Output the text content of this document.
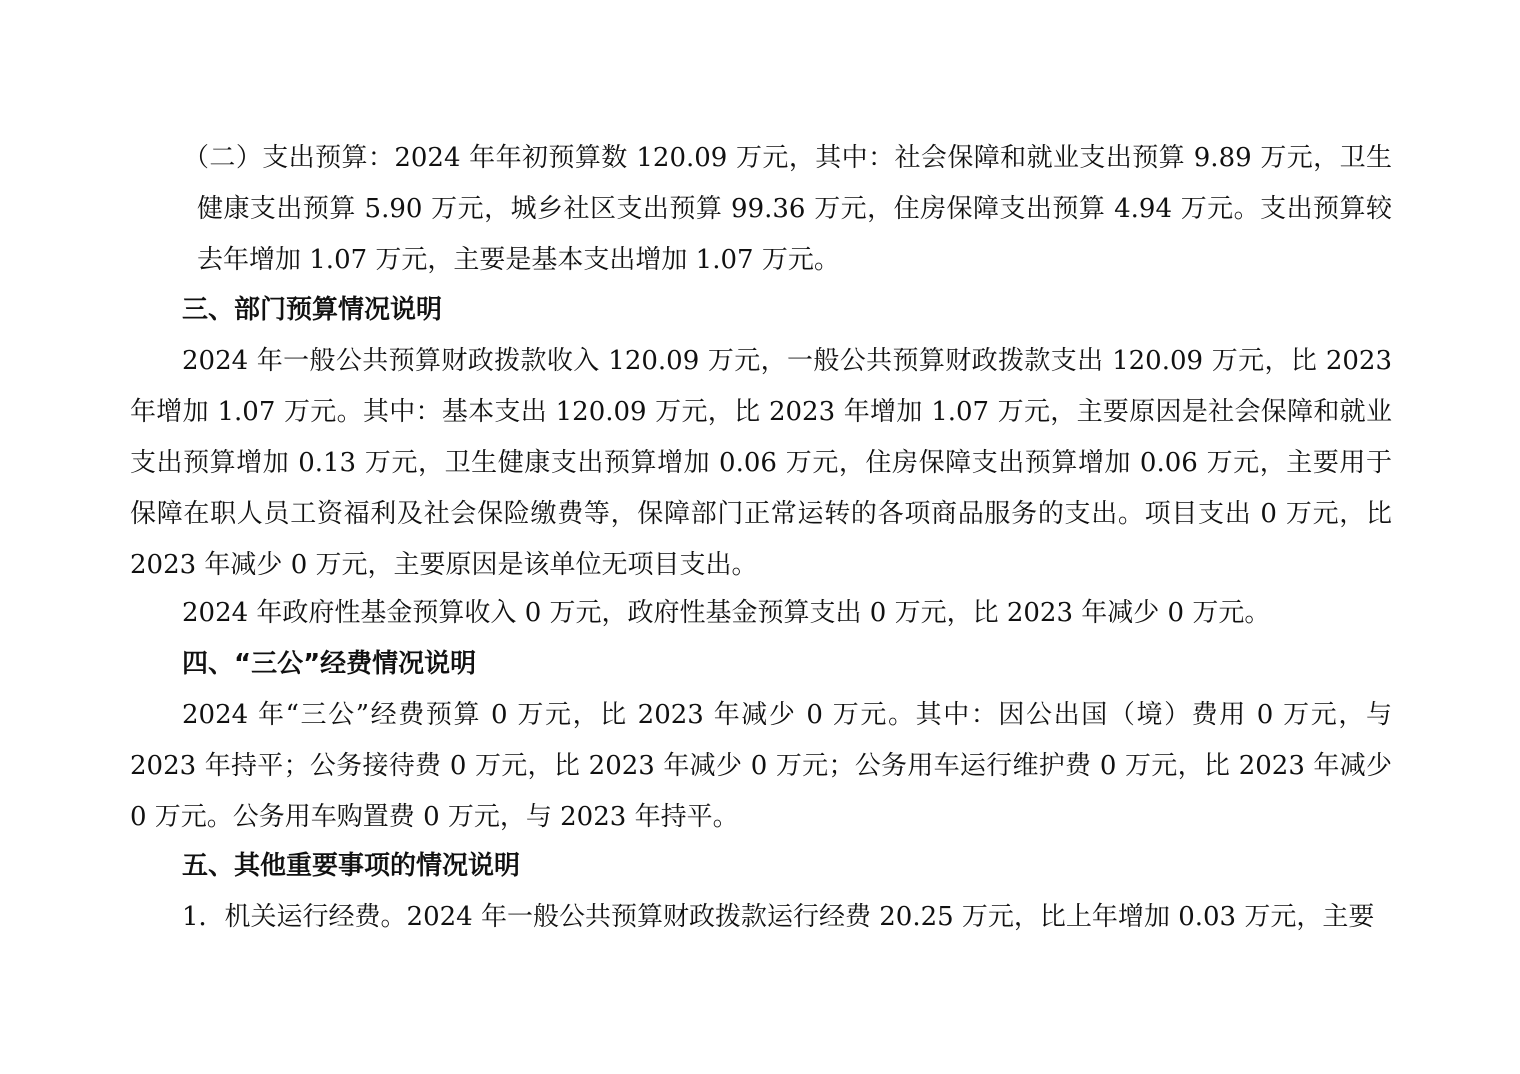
（二）支出预算：2024 年年初预算数 120.09 万元，其中：社会保障和就业支出预算 9.89 万元，卫生健康支出预算 5.90 万元，城乡社区支出预算 99.36 万元，住房保障支出预算 4.94 万元。支出预算较去年增加 1.07 万元，主要是基本支出增加 1.07 万元。

三、部门预算情况说明

2024 年一般公共预算财政拨款收入 120.09 万元，一般公共预算财政拨款支出 120.09 万元，比 2023 年增加 1.07 万元。其中：基本支出 120.09 万元，比 2023 年增加 1.07 万元，主要原因是社会保障和就业支出预算增加 0.13 万元，卫生健康支出预算增加 0.06 万元，住房保障支出预算增加 0.06 万元，主要用于保障在职人员工资福利及社会保险缴费等，保障部门正常运转的各项商品服务的支出。项目支出 0 万元，比 2023 年减少 0 万元，主要原因是该单位无项目支出。

2024 年政府性基金预算收入 0 万元，政府性基金预算支出 0 万元，比 2023 年减少 0 万元。

四、“三公”经费情况说明

2024 年“三公”经费预算 0 万元，比 2023 年减少 0 万元。其中：因公出国（境）费用 0 万元，与 2023 年持平；公务接待费 0 万元，比 2023 年减少 0 万元；公务用车运行维护费 0 万元，比 2023 年减少 0 万元。公务用车购置费 0 万元，与 2023 年持平。

五、其他重要事项的情况说明

1．机关运行经费。2024 年一般公共预算财政拨款运行经费 20.25 万元，比上年增加 0.03 万元，主要
